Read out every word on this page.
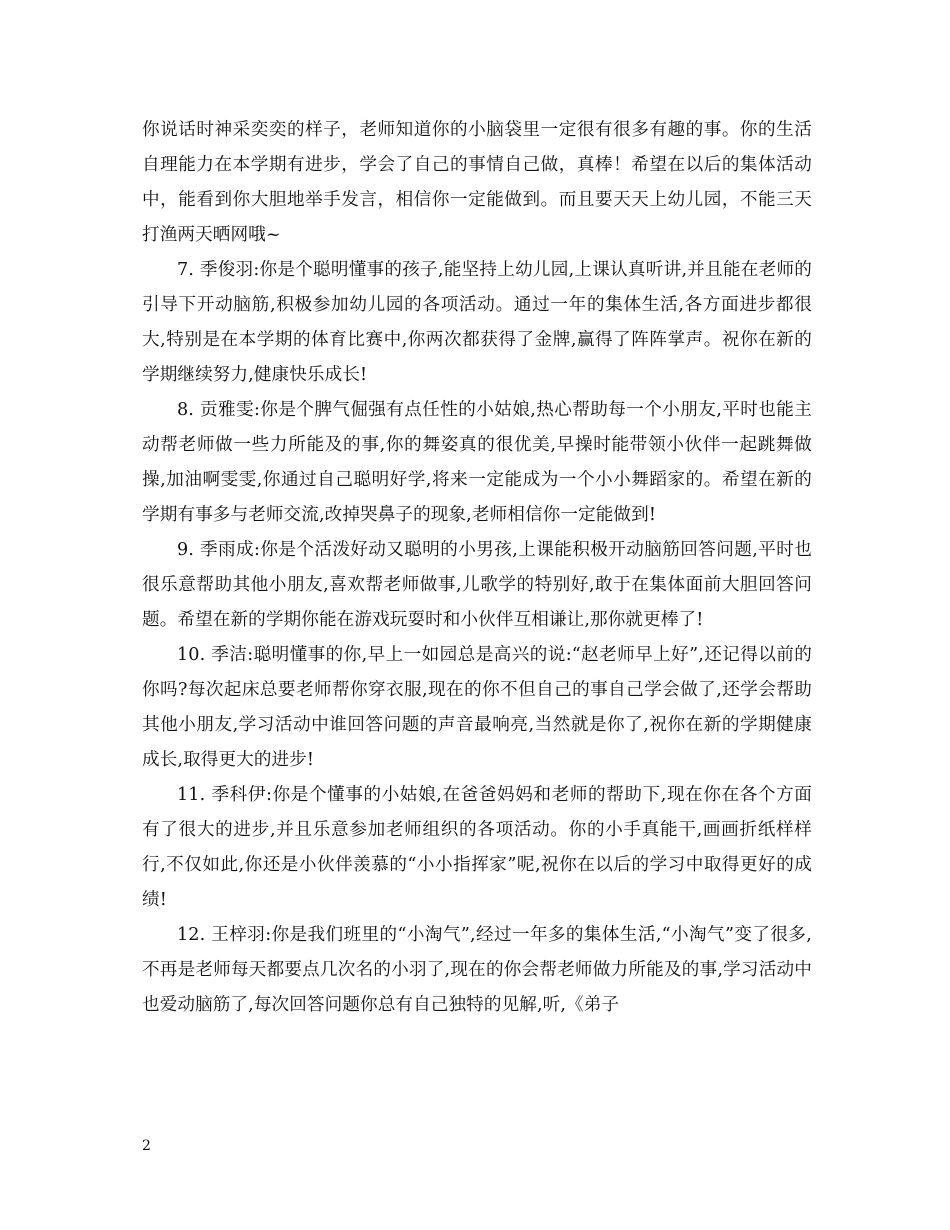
你说话时神采奕奕的样子，老师知道你的小脑袋里一定很有很多有趣的事。你的生活自理能力在本学期有进步，学会了自己的事情自己做，真棒！希望在以后的集体活动中，能看到你大胆地举手发言，相信你一定能做到。而且要天天上幼儿园，不能三天打渔两天晒网哦~

7. 季俊羽:你是个聪明懂事的孩子,能坚持上幼儿园,上课认真听讲,并且能在老师的引导下开动脑筋,积极参加幼儿园的各项活动。通过一年的集体生活,各方面进步都很大,特别是在本学期的体育比赛中,你两次都获得了金牌,赢得了阵阵掌声。祝你在新的学期继续努力,健康快乐成长!

8. 贡雅雯:你是个脾气倔强有点任性的小姑娘,热心帮助每一个小朋友,平时也能主动帮老师做一些力所能及的事,你的舞姿真的很优美,早操时能带领小伙伴一起跳舞做操,加油啊雯雯,你通过自己聪明好学,将来一定能成为一个小小舞蹈家的。希望在新的学期有事多与老师交流,改掉哭鼻子的现象,老师相信你一定能做到!

9. 季雨成:你是个活泼好动又聪明的小男孩,上课能积极开动脑筋回答问题,平时也很乐意帮助其他小朋友,喜欢帮老师做事,儿歌学的特别好,敢于在集体面前大胆回答问题。希望在新的学期你能在游戏玩耍时和小伙伴互相谦让,那你就更棒了!

10. 季洁:聪明懂事的你,早上一如园总是高兴的说:“赵老师早上好”,还记得以前的你吗?每次起床总要老师帮你穿衣服,现在的你不但自己的事自己学会做了,还学会帮助其他小朋友,学习活动中谁回答问题的声音最响亮,当然就是你了,祝你在新的学期健康成长,取得更大的进步!

11. 季科伊:你是个懂事的小姑娘,在爸爸妈妈和老师的帮助下,现在你在各个方面有了很大的进步,并且乐意参加老师组织的各项活动。你的小手真能干,画画折纸样样行,不仅如此,你还是小伙伴羡慕的“小小指挥家”呢,祝你在以后的学习中取得更好的成绩!

12. 王梓羽:你是我们班里的“小淘气”,经过一年多的集体生活,“小淘气”变了很多,不再是老师每天都要点几次名的小羽了,现在的你会帮老师做力所能及的事,学习活动中也爱动脑筋了,每次回答问题你总有自己独特的见解,听,《弟子

2
